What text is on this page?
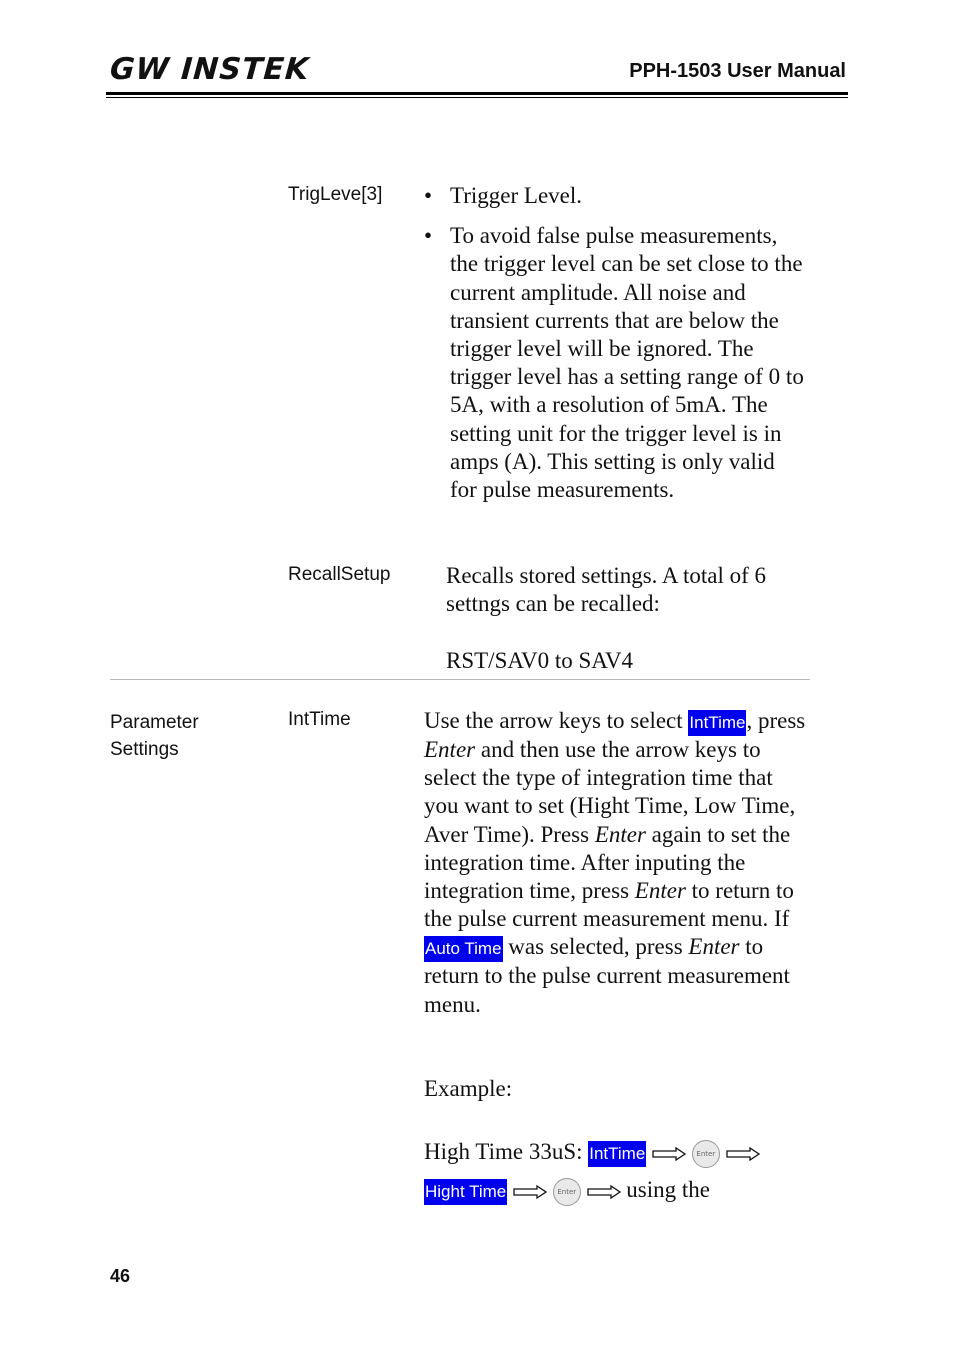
GW INSTEK	PPH-1503 User Manual
TrigLeve[3]
•	Trigger Level.
• To avoid false pulse measurements, the trigger level can be set close to the current amplitude. All noise and transient currents that are below the trigger level will be ignored. The trigger level has a setting range of 0 to 5A, with a resolution of 5mA. The setting unit for the trigger level is in amps (A). This setting is only valid for pulse measurements.
RecallSetup Recalls stored settings. A total of 6 settngs can be recalled:
RST/SAV0 to SAV4
Parameter Settings
IntTime	Use the arrow keys to select IntTime, press Enter and then use the arrow keys to select the type of integration time that you want to set (Hight Time, Low Time, Aver Time). Press Enter again to set the integration time. After inputing the integration time, press Enter to return to the pulse current measurement menu. If Auto Time was selected, press Enter to return to the pulse current measurement menu.
Example:
High Time 33uS: IntTime	Enter
Hight Time	Enter  using the
46
